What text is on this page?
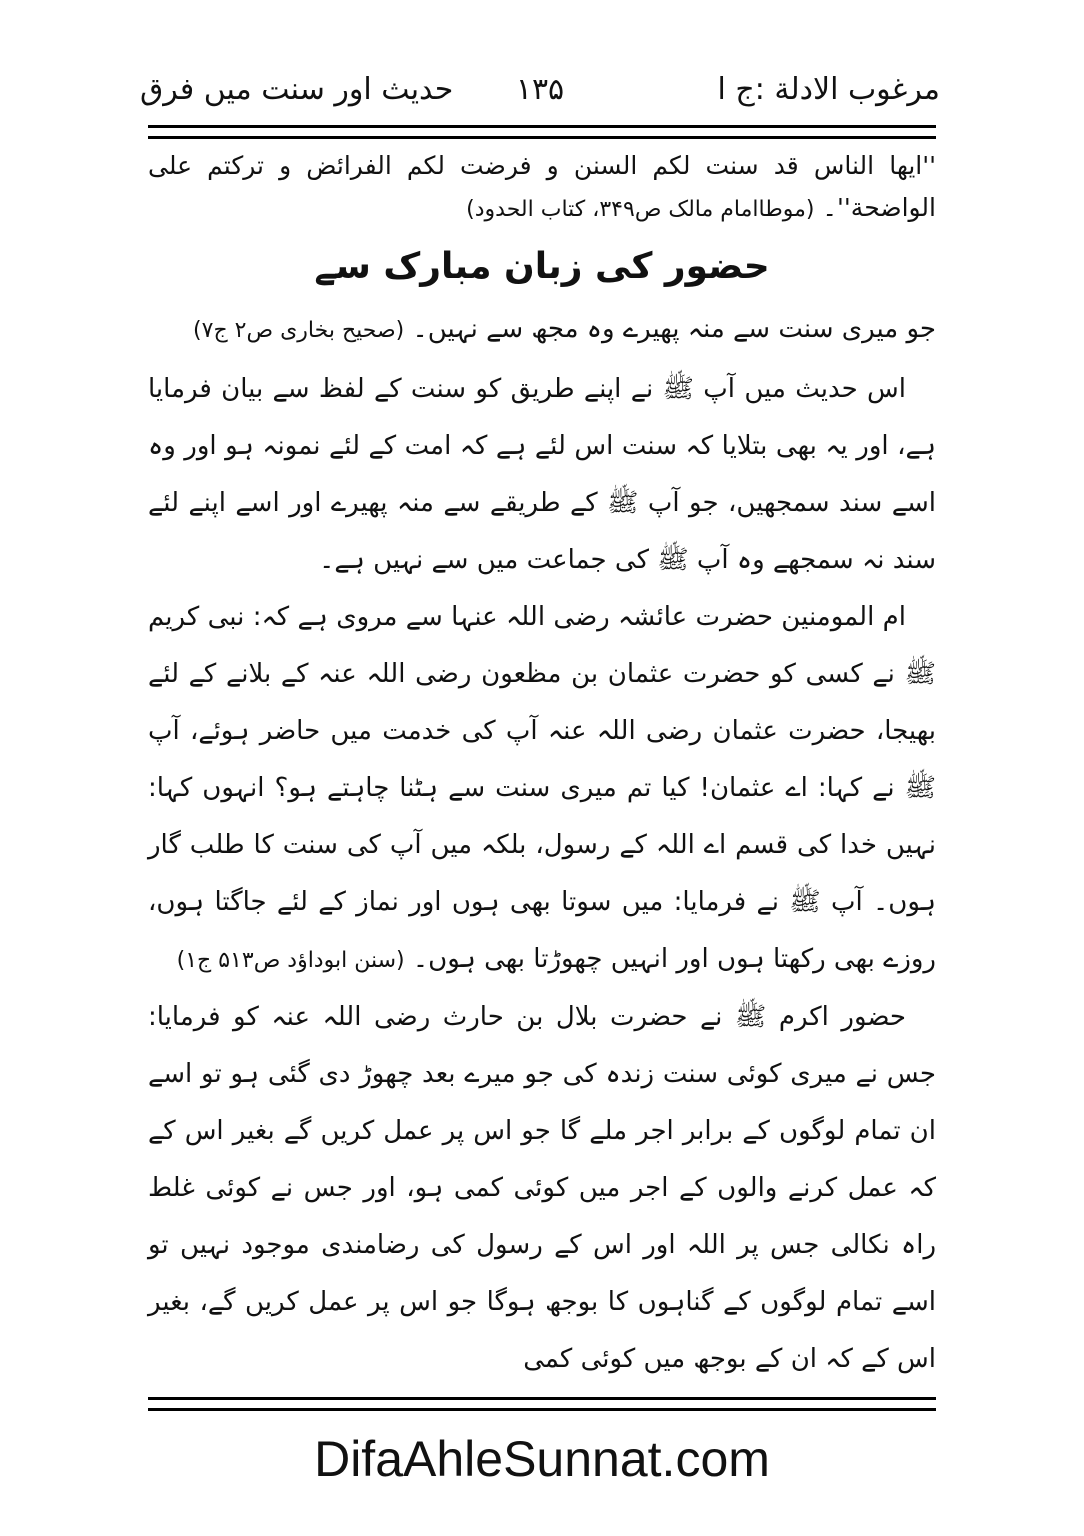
مرغوب الادلة :ج ا
۱۳۵
حدیث اور سنت میں فرق

''ایھا الناس قد سنت لکم السنن و فرضت لکم الفرائض و ترکتم علی الواضحة''۔ (موطاامام مالک ص۳۴۹، کتاب الحدود)

حضور کی زبان مبارک سے

جو میری سنت سے منہ پھیرے وہ مجھ سے نہیں۔ (صحیح بخاری ص۲ ج۷)

اس حدیث میں آپ ﷺ نے اپنے طریق کو سنت کے لفظ سے بیان فرمایا ہے، اور یہ بھی بتلایا کہ سنت اس لئے ہے کہ امت کے لئے نمونہ ہو اور وہ اسے سند سمجھیں، جو آپ ﷺ کے طریقے سے منہ پھیرے اور اسے اپنے لئے سند نہ سمجھے وہ آپ ﷺ کی جماعت میں سے نہیں ہے۔

ام المومنین حضرت عائشہ رضی اللہ عنہا سے مروی ہے کہ: نبی کریم ﷺ نے کسی کو حضرت عثمان بن مظعون رضی اللہ عنہ کے بلانے کے لئے بھیجا، حضرت عثمان رضی اللہ عنہ آپ کی خدمت میں حاضر ہوئے، آپ ﷺ نے کہا: اے عثمان! کیا تم میری سنت سے ہٹنا چاہتے ہو؟ انہوں کہا: نہیں خدا کی قسم اے اللہ کے رسول، بلکہ میں آپ کی سنت کا طلب گار ہوں۔ آپ ﷺ نے فرمایا: میں سوتا بھی ہوں اور نماز کے لئے جاگتا ہوں، روزے بھی رکھتا ہوں اور انہیں چھوڑتا بھی ہوں۔ (سنن ابوداؤد ص۵۱۳ ج۱)

حضور اکرم ﷺ نے حضرت بلال بن حارث رضی اللہ عنہ کو فرمایا: جس نے میری کوئی سنت زندہ کی جو میرے بعد چھوڑ دی گئی ہو تو اسے ان تمام لوگوں کے برابر اجر ملے گا جو اس پر عمل کریں گے بغیر اس کے کہ عمل کرنے والوں کے اجر میں کوئی کمی ہو، اور جس نے کوئی غلط راہ نکالی جس پر اللہ اور اس کے رسول کی رضامندی موجود نہیں تو اسے تمام لوگوں کے گناہوں کا بوجھ ہوگا جو اس پر عمل کریں گے، بغیر اس کے کہ ان کے بوجھ میں کوئی کمی

DifaAhleSunnat.com
